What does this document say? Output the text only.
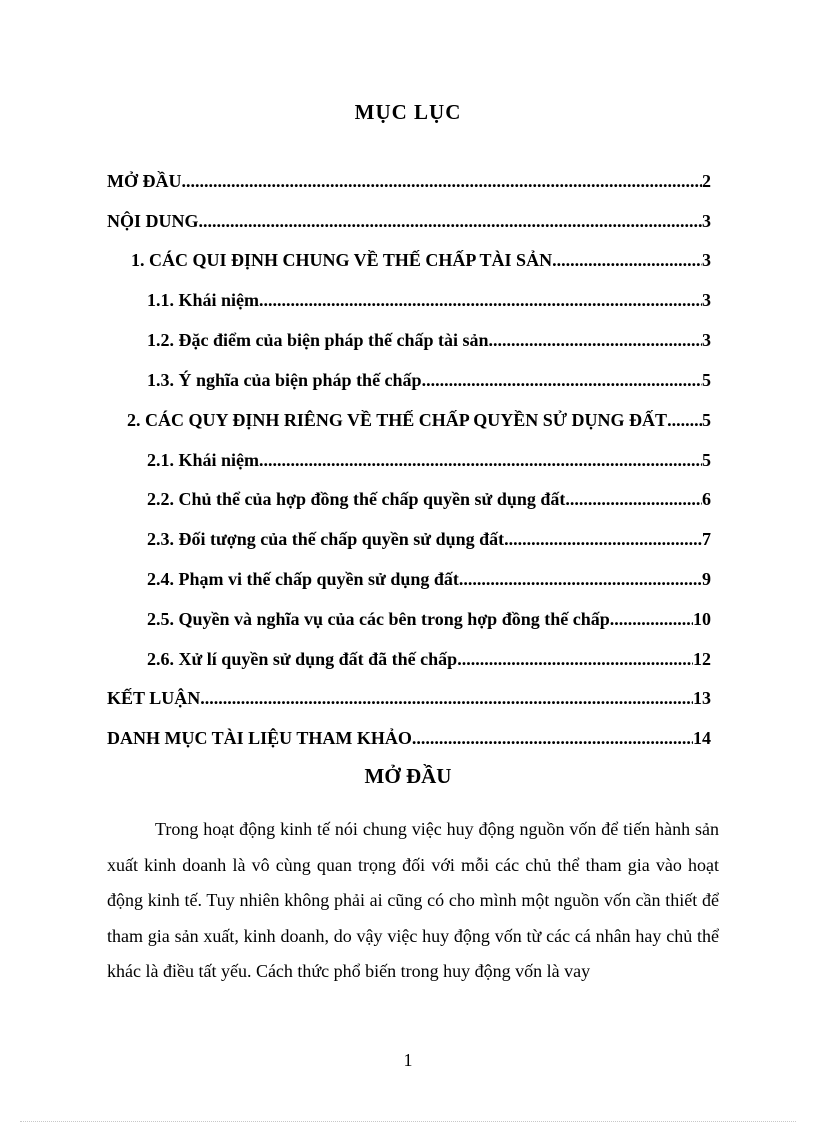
MỤC LỤC
MỞ ĐẦU .....	2
NỘI DUNG .....	3
1. CÁC QUI ĐỊNH CHUNG VỀ THẾ CHẤP TÀI SẢN .....	3
1.1. Khái niệm. .....	3
1.2. Đặc điểm của biện pháp thế chấp tài sản. .....	3
1.3. Ý nghĩa của biện pháp thế chấp. .....	5
2. CÁC QUY ĐỊNH RIÊNG VỀ THẾ CHẤP QUYỀN SỬ DỤNG ĐẤT ..... 5
2.1. Khái niệm. .....	5
2.2. Chủ thể của hợp đồng thế chấp quyền sử dụng đất. .....	6
2.3. Đối tượng của thế chấp quyền sử dụng đất .....	7
2.4. Phạm vi thế chấp quyền sử dụng đất .....	9
2.5. Quyền và nghĩa vụ của các bên trong hợp đồng thế chấp. .....	10
2.6. Xử lí quyền sử dụng đất đã thế chấp .....	12
KẾT LUẬN .....	13
DANH MỤC TÀI LIỆU THAM KHẢO .....	14
MỞ ĐẦU

Trong hoạt động kinh tế nói chung việc huy động nguồn vốn để tiến hành sản xuất kinh doanh là vô cùng quan trọng đối với mỗi các chủ thể tham gia vào hoạt động kinh tế. Tuy nhiên không phải ai cũng có cho mình một nguồn vốn cần thiết để tham gia sản xuất, kinh doanh, do vậy việc huy động vốn từ các cá nhân hay chủ thể khác là điều tất yếu. Cách thức phổ biến trong huy động vốn là vay

1
